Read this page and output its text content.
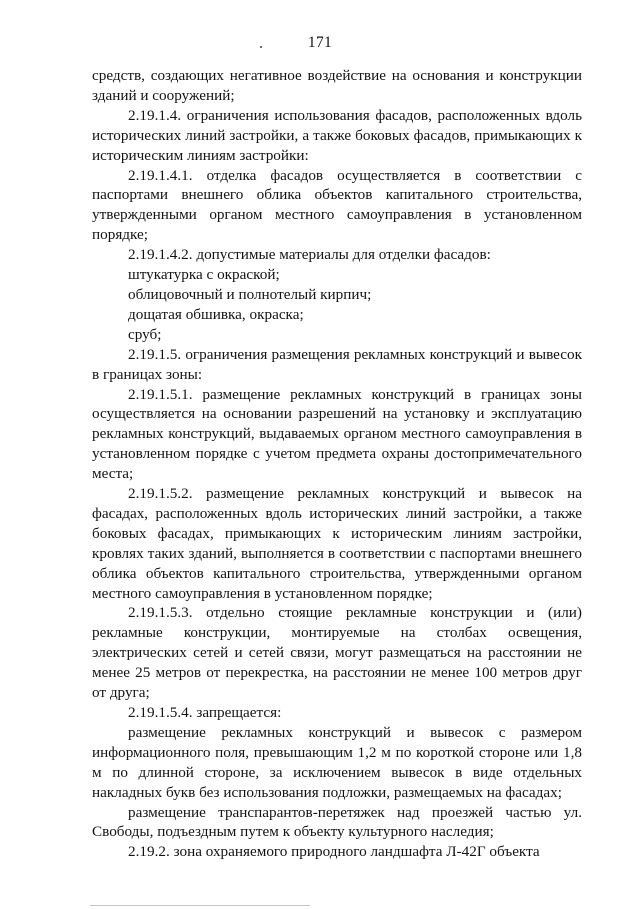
171

средств, создающих негативное воздействие на основания и конструкции зданий и сооружений;

2.19.1.4. ограничения использования фасадов, расположенных вдоль исторических линий застройки, а также боковых фасадов, примыкающих к историческим линиям застройки:

2.19.1.4.1. отделка фасадов осуществляется в соответствии с паспортами внешнего облика объектов капитального строительства, утвержденными органом местного самоуправления в установленном порядке;

2.19.1.4.2. допустимые материалы для отделки фасадов:

штукатурка с окраской;

облицовочный и полнотелый кирпич;

дощатая обшивка, окраска;

сруб;

2.19.1.5. ограничения размещения рекламных конструкций и вывесок в границах зоны:

2.19.1.5.1. размещение рекламных конструкций в границах зоны осуществляется на основании разрешений на установку и эксплуатацию рекламных конструкций, выдаваемых органом местного самоуправления в установленном порядке с учетом предмета охраны достопримечательного места;

2.19.1.5.2. размещение рекламных конструкций и вывесок на фасадах, расположенных вдоль исторических линий застройки, а также боковых фасадах, примыкающих к историческим линиям застройки, кровлях таких зданий, выполняется в соответствии с паспортами внешнего облика объектов капитального строительства, утвержденными органом местного самоуправления в установленном порядке;

2.19.1.5.3. отдельно стоящие рекламные конструкции и (или) рекламные конструкции, монтируемые на столбах освещения, электрических сетей и сетей связи, могут размещаться на расстоянии не менее 25 метров от перекрестка, на расстоянии не менее 100 метров друг от друга;

2.19.1.5.4. запрещается:

размещение рекламных конструкций и вывесок с размером информационного поля, превышающим 1,2 м по короткой стороне или 1,8 м по длинной стороне, за исключением вывесок в виде отдельных накладных букв без использования подложки, размещаемых на фасадах;

размещение транспарантов-перетяжек над проезжей частью ул. Свободы, подъездным путем к объекту культурного наследия;

2.19.2. зона охраняемого природного ландшафта Л-42Г объекта
